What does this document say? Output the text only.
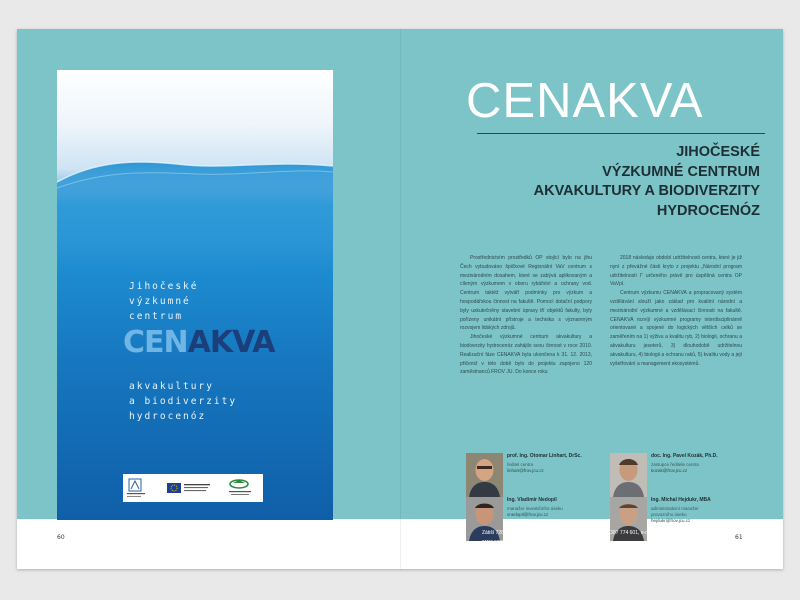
Jihočeské
výzkumné
centrum
CENAKVA
akvakultury
a biodiverzity
hydrocenóz
60	61
CENAKVA
JIHOČESKÉ
VÝZKUMNÉ CENTRUM
AKVAKULTURY A BIODIVERZITY
HYDROCENÓZ

Prostřednictvím prostředků OP stojící bylo na jihu Čech vybudováno špičkové Regionální VaV centrum s mezinárodním dosahem, které se zabývá aplikovaným a cíleným výzkumem v oboru rybářství a ochrany vod. Centrum taktéž vytváří podmínky pro výzkum a hospodářskou činnost na fakultě. Pomocí dotační podpory byly uskutečněny stavební úpravy tří objektů fakulty, byly pořízeny unikátní přístroje a technika s významným rozvojem lidských zdrojů.

Jihočeské výzkumné centrum akvakultury a biodiverzity hydrocenóz zahájilo svou činnost v roce 2010. Realizační fáze CENAKVA byla ukončena k 31. 12. 2013, přičemž v této době bylo do projektu zapojeno 120 zaměstnanců FROV JU. Do konce roku

2018 následuje období udržitelnosti centra, které je již nyní z převážné části kryto z projektu „Národní program udržitelnosti I“ určeného právě pro úspěšná centra OP VaVpI.

Centrum výzkumu CENAKVA a propracovaný systém vzdělávání slouží jako základ pro kvalitní národní a mezinárodní výzkumné a vzdělávací činnosti na fakultě. CENAKVA rozvíjí výzkumné programy interdisciplinárně orientované a spojené do logických větších celků se zaměřením na 1) výživu a kvalitu ryb, 2) biologii, ochranu a akvakulturu jeseterů, 3) dlouhodobě udržitelnou akvakulturu, 4) biologii a ochranu raků, 5) kvalitu vody a její vyšetřování a management ekosystémů.

prof. Ing. Otomar Linhart, DrSc.
ředitel centra
linhart@frov.jcu.cz
doc. Ing. Pavel Kozák, Ph.D.
zástupce ředitele centra
kozak@frov.jcu.cz
Ing. Vladimír Nedopil
manažer investičního úseku
vnedopil@frov.jcu.cz
Ing. Michal Hejdukr, MBA
administrativní manažer
provozního úseku
hejdukr@frov.jcu.cz
Zátiší 728/II, 389 25 Vodňany, Česká republika, tel.: +420 387 774 601, e-mail: sekretar@frov.jcu.cz
www.cenakva.cz
